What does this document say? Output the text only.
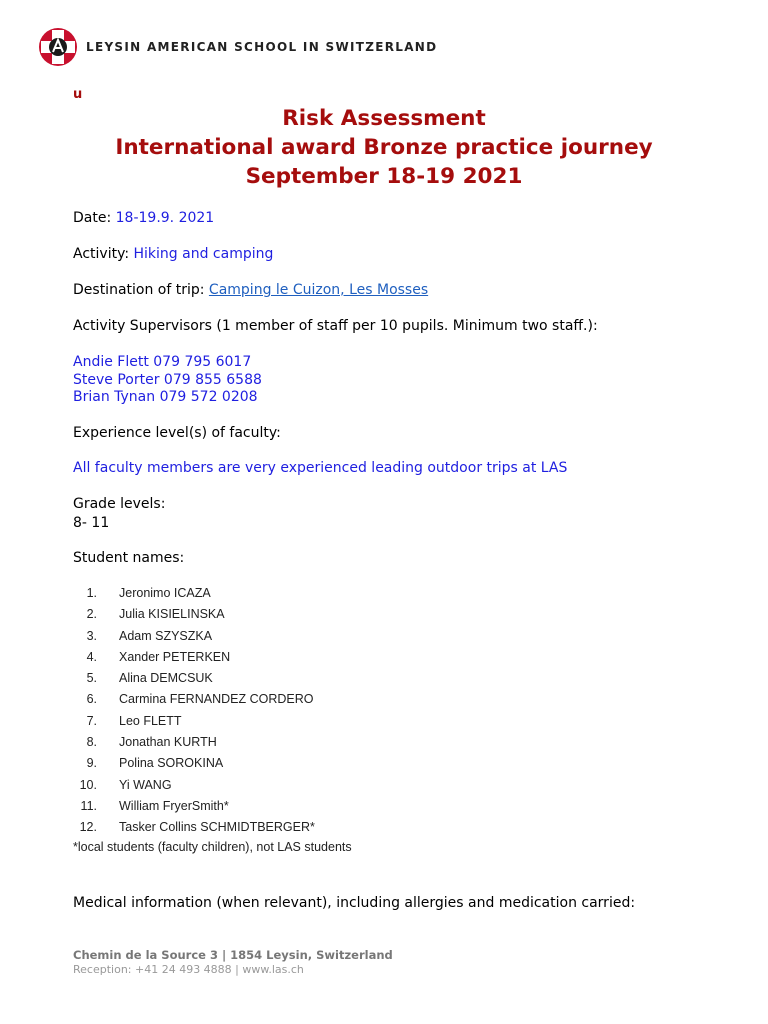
LEYSIN AMERICAN SCHOOL IN SWITZERLAND
u
Risk Assessment
International award Bronze practice journey
September 18-19 2021
Date: 18-19.9. 2021
Activity: Hiking and camping
Destination of trip: Camping le Cuizon, Les Mosses
Activity Supervisors (1 member of staff per 10 pupils. Minimum two staff.):
Andie Flett 079 795 6017
Steve Porter 079 855 6588
Brian Tynan 079 572 0208
Experience level(s) of faculty:
All faculty members are very experienced leading outdoor trips at LAS
Grade levels:
8- 11
Student names:
1.	Jeronimo ICAZA
2.	Julia KISIELINSKA
3.	Adam SZYSZKA
4.	Xander PETERKEN
5.	Alina DEMCSUK
6.	Carmina FERNANDEZ CORDERO
7.	Leo FLETT
8.	Jonathan KURTH
9.	Polina SOROKINA
10.	Yi WANG
11.	William FryerSmith*
12.	Tasker Collins SCHMIDTBERGER*
*local students (faculty children), not LAS students
Medical information (when relevant), including allergies and medication carried:
Chemin de la Source 3 | 1854 Leysin, Switzerland
Reception: +41 24 493 4888 | www.las.ch
